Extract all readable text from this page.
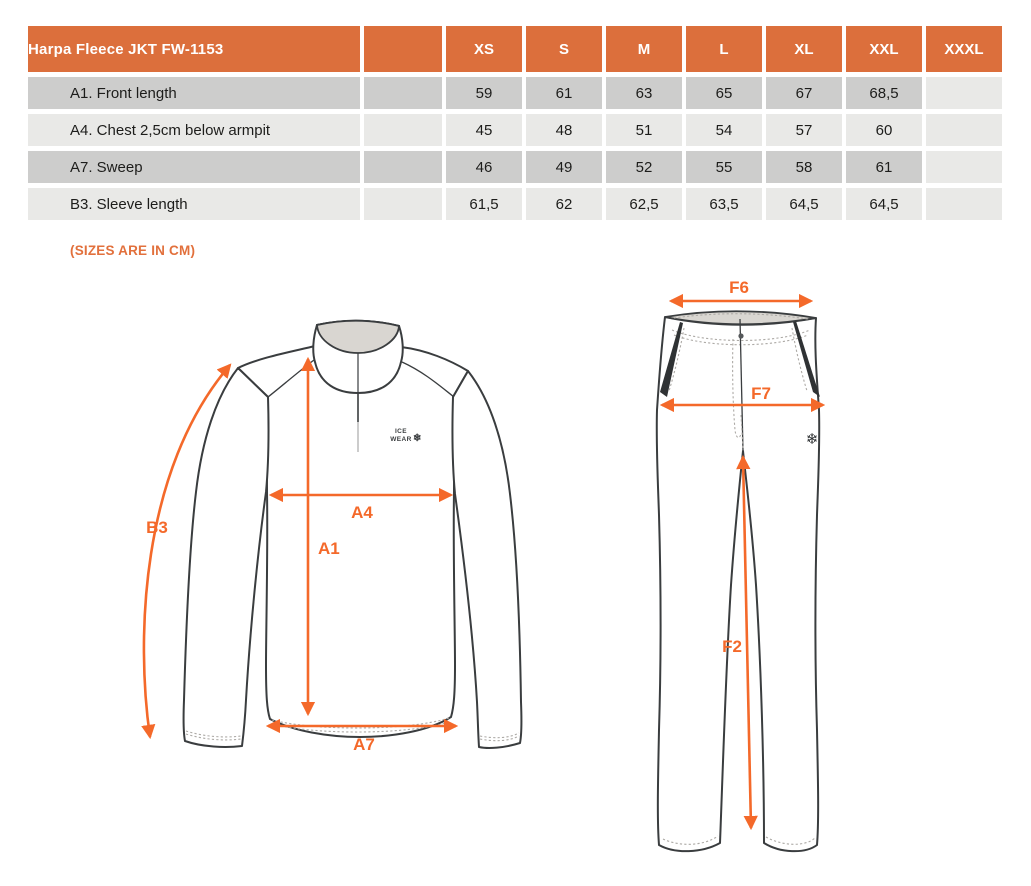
Harpa Fleece JKT FW-1153		XS	S	M	L	XL	XXL	XXXL
A1. Front length		59	61	63	65	67	68,5	
A4. Chest 2,5cm below armpit		45	48	51	54	57	60	
A7. Sweep		46	49	52	55	58	61	
B3. Sleeve length		61,5	62	62,5	63,5	64,5	64,5	
(SIZES ARE IN CM)
ICE
WEAR ❄
B3
A4
A1
A7
❄
F6
F7
F2
